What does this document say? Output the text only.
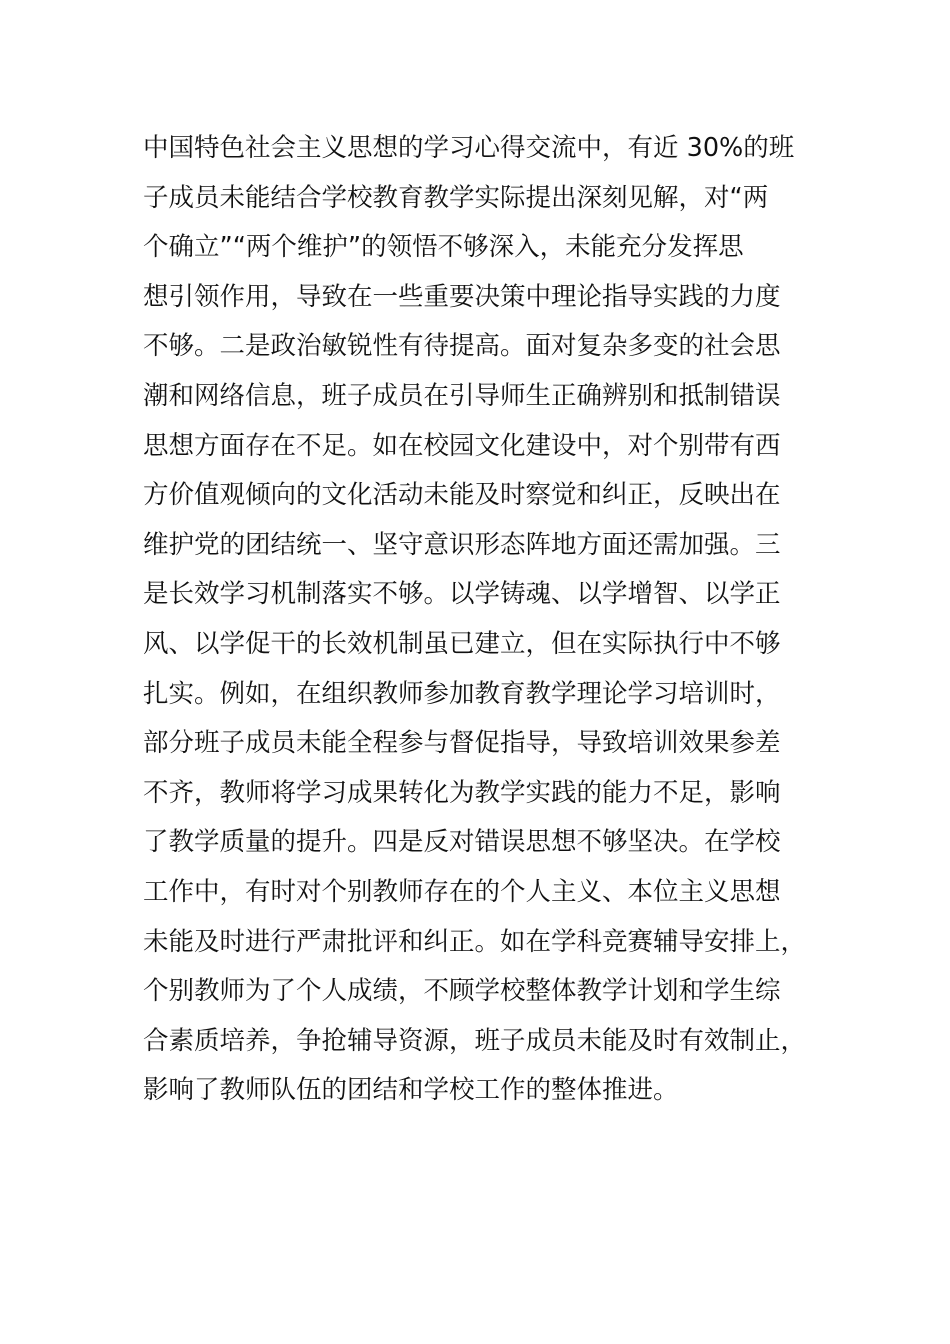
中国特色社会主义思想的学习心得交流中，有近 30%的班
子成员未能结合学校教育教学实际提出深刻见解，对“两
个确立”“两个维护”的领悟不够深入，未能充分发挥思
想引领作用，导致在一些重要决策中理论指导实践的力度
不够。二是政治敏锐性有待提高。面对复杂多变的社会思
潮和网络信息，班子成员在引导师生正确辨别和抵制错误
思想方面存在不足。如在校园文化建设中，对个别带有西
方价值观倾向的文化活动未能及时察觉和纠正，反映出在
维护党的团结统一、坚守意识形态阵地方面还需加强。三
是长效学习机制落实不够。以学铸魂、以学增智、以学正
风、以学促干的长效机制虽已建立，但在实际执行中不够
扎实。例如，在组织教师参加教育教学理论学习培训时，
部分班子成员未能全程参与督促指导，导致培训效果参差
不齐，教师将学习成果转化为教学实践的能力不足，影响
了教学质量的提升。四是反对错误思想不够坚决。在学校
工作中，有时对个别教师存在的个人主义、本位主义思想
未能及时进行严肃批评和纠正。如在学科竞赛辅导安排上，
个别教师为了个人成绩，不顾学校整体教学计划和学生综
合素质培养，争抢辅导资源，班子成员未能及时有效制止，
影响了教师队伍的团结和学校工作的整体推进。
